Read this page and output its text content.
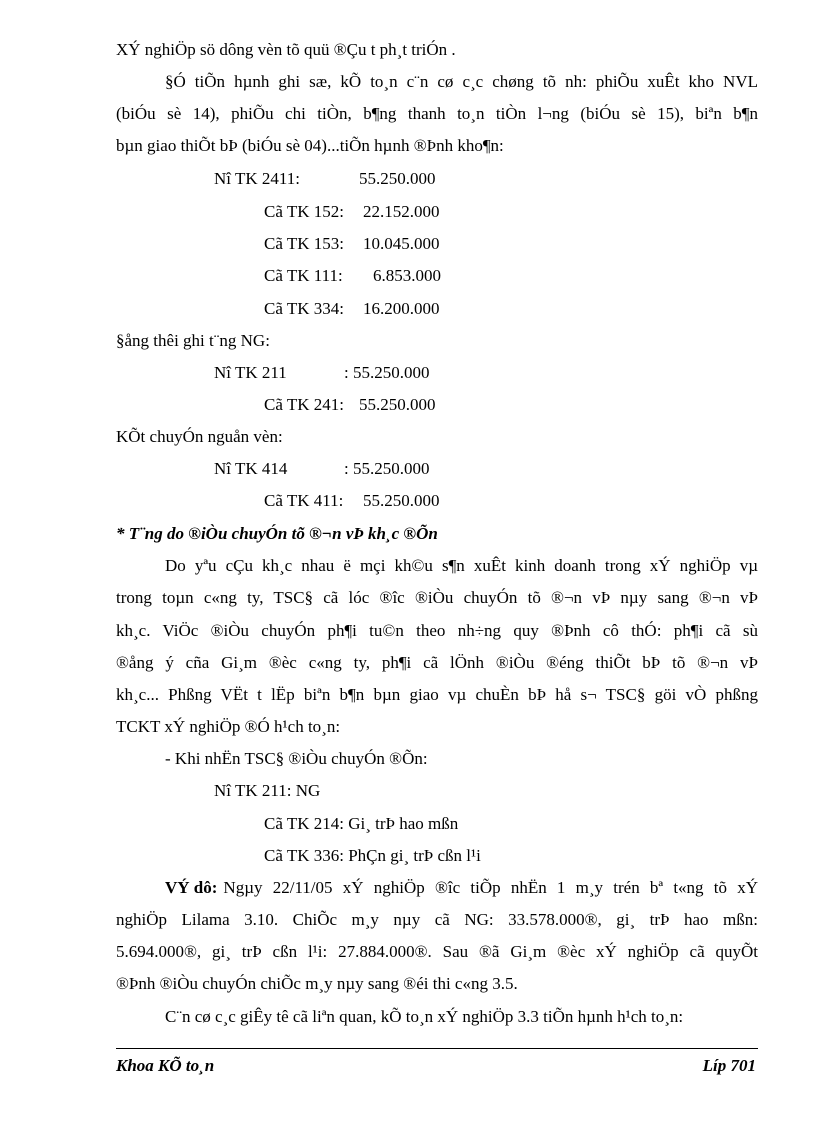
XÝ nghiÖp sö dông vèn tõ quü ®Çu t ph¸t triÓn .
§Ó tiÕn hµnh ghi sæ, kÕ to¸n c¨n cø c¸c chøng tõ nh: phiÕu xuÊt kho NVL
(biÓu sè 14), phiÕu chi tiÒn, b¶ng thanh to¸n tiÒn l¬ng (biÓu sè 15), biªn b¶n
bµn giao thiÕt bÞ (biÓu sè 04)...tiÕn hµnh ®Þnh kho¶n:
Nî TK 2411:	55.250.000
Cã TK 152: 22.152.000
Cã TK 153: 10.045.000
Cã TK 111: 6.853.000
Cã TK 334: 16.200.000
§ång thêi ghi t¨ng NG:
Nî TK 211	: 55.250.000
Cã TK 241: 55.250.000
KÕt chuyÓn nguån vèn:
Nî TK 414	: 55.250.000
Cã TK 411: 55.250.000
* T¨ng do ®iÒu chuyÓn tõ ®¬n vÞ kh¸c ®Õn
Do yªu cÇu kh¸c nhau ë mçi kh©u s¶n xuÊt kinh doanh trong xÝ nghiÖp vµ
trong toµn c«ng ty, TSC§ cã lóc ®îc ®iÒu chuyÓn tõ ®¬n vÞ nµy sang ®¬n vÞ
kh¸c. ViÖc ®iÒu chuyÓn ph¶i tu©n theo nh÷ng quy ®Þnh cô thÓ: ph¶i cã sù
®ång ý cña Gi¸m ®èc c«ng ty, ph¶i cã lÖnh ®iÒu ®éng thiÕt bÞ tõ ®¬n vÞ
kh¸c... Phßng VËt t lËp biªn b¶n bµn giao vµ chuÈn bÞ hå s¬ TSC§ göi vÒ phßng
TCKT xÝ nghiÖp ®Ó h¹ch to¸n:
- Khi nhËn TSC§ ®iÒu chuyÓn ®Õn:
Nî TK 211: NG
Cã TK 214: Gi¸ trÞ hao mßn
Cã TK 336: PhÇn gi¸ trÞ cßn l¹i
VÝ dô: Ngµy 22/11/05 xÝ nghiÖp ®îc tiÕp nhËn 1 m¸y trén bª t«ng tõ xÝ
nghiÖp Lilama 3.10. ChiÕc m¸y nµy cã NG: 33.578.000®, gi¸ trÞ hao mßn:
5.694.000®, gi¸ trÞ cßn l¹i: 27.884.000®. Sau ®ã Gi¸m ®èc xÝ nghiÖp cã quyÕt
®Þnh ®iÒu chuyÓn chiÕc m¸y nµy sang ®éi thi c«ng 3.5.
C¨n cø c¸c giÊy tê cã liªn quan, kÕ to¸n xÝ nghiÖp 3.3 tiÕn hµnh h¹ch to¸n:
Khoa KÕ to¸n	Líp 701
